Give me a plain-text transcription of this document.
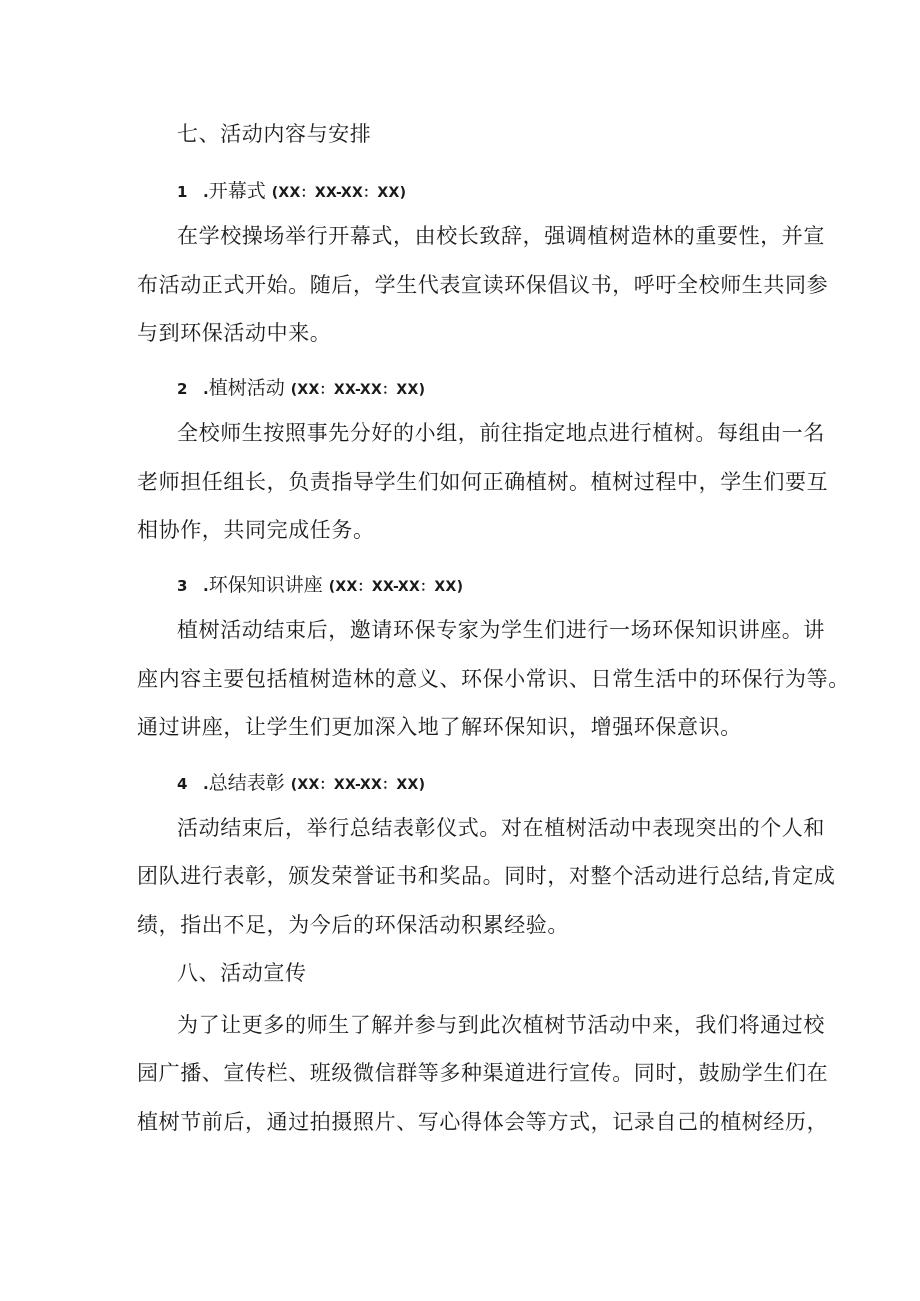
七、活动内容与安排
1 .开幕式 (XX：XX-XX：XX)
在学校操场举行开幕式，由校长致辞，强调植树造林的重要性，并宣
布活动正式开始。随后，学生代表宣读环保倡议书，呼吁全校师生共同参
与到环保活动中来。
2 .植树活动 (XX：XX-XX：XX)
全校师生按照事先分好的小组，前往指定地点进行植树。每组由一名
老师担任组长，负责指导学生们如何正确植树。植树过程中，学生们要互
相协作，共同完成任务。
3 .环保知识讲座 (XX：XX-XX：XX)
植树活动结束后，邀请环保专家为学生们进行一场环保知识讲座。讲
座内容主要包括植树造林的意义、环保小常识、日常生活中的环保行为等。
通过讲座，让学生们更加深入地了解环保知识，增强环保意识。
4 .总结表彰 (XX：XX-XX：XX)
活动结束后，举行总结表彰仪式。对在植树活动中表现突出的个人和
团队进行表彰，颁发荣誉证书和奖品。同时，对整个活动进行总结,肯定成
绩，指出不足，为今后的环保活动积累经验。
八、活动宣传
为了让更多的师生了解并参与到此次植树节活动中来，我们将通过校
园广播、宣传栏、班级微信群等多种渠道进行宣传。同时，鼓励学生们在
植树节前后，通过拍摄照片、写心得体会等方式，记录自己的植树经历，
